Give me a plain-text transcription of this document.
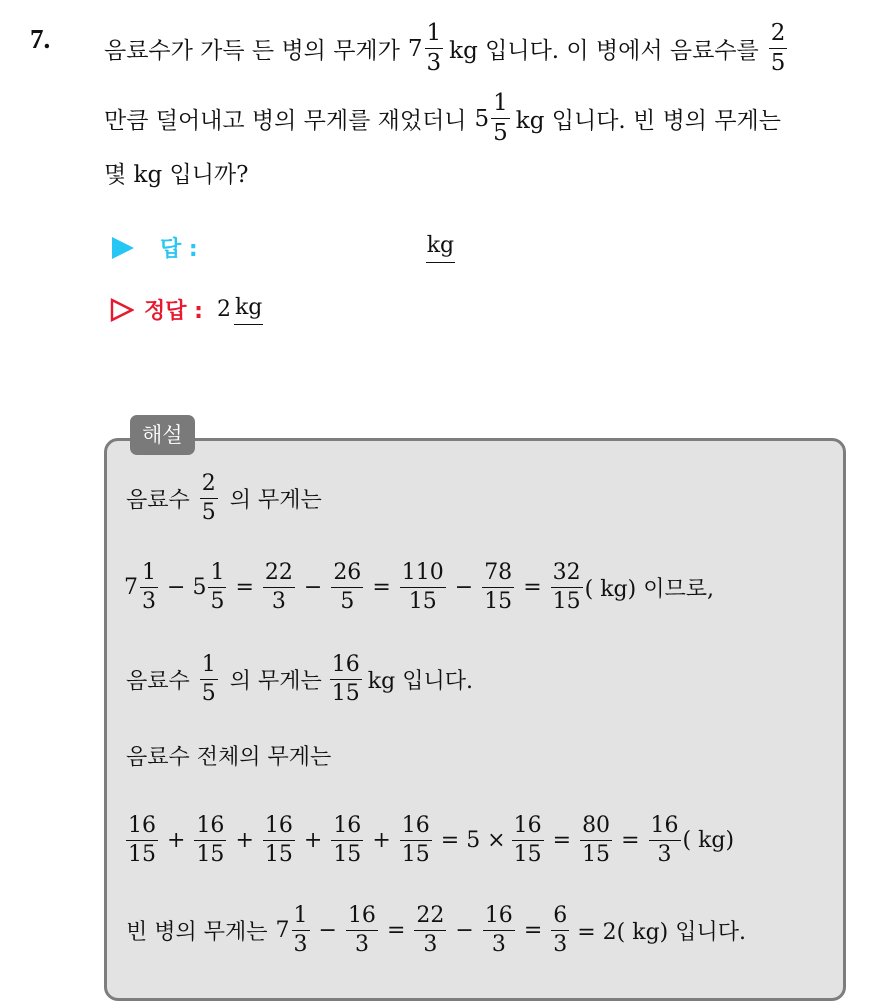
7. 음료수가 가득 든 병의 무게가 $7 \frac{1}{3}$ kg 입니다. 이 병에서 음료수를 $\frac{2}{5}$
만큼 덜어내고 병의 무게를 재었더니 $5 \frac{1}{5}$ kg 입니다. 빈 병의 무게는
몇 kg 입니까?
답 :	kg
정답 : 2 kg
해설
음료수 $\frac{2}{5}$ 의 무게는
$7 \frac{1}{3} - 5 \frac{1}{5} = \frac{22}{3} - \frac{26}{5} = \frac{110}{15} - \frac{78}{15} = \frac{32}{15}$ ( kg) 이므로,
음료수 $\frac{1}{5}$ 의 무게는 $\frac{16}{15}$ kg 입니다.
음료수 전체의 무게는
$\frac{16}{15} + \frac{16}{15} + \frac{16}{15} + \frac{16}{15} + \frac{16}{15} = 5 \times \frac{16}{15} = \frac{80}{15} = \frac{16}{3}$ ( kg)
빈 병의 무게는 $7 \frac{1}{3} - \frac{16}{3} = \frac{22}{3} - \frac{16}{3} = \frac{6}{3} = 2$( kg) 입니다.
